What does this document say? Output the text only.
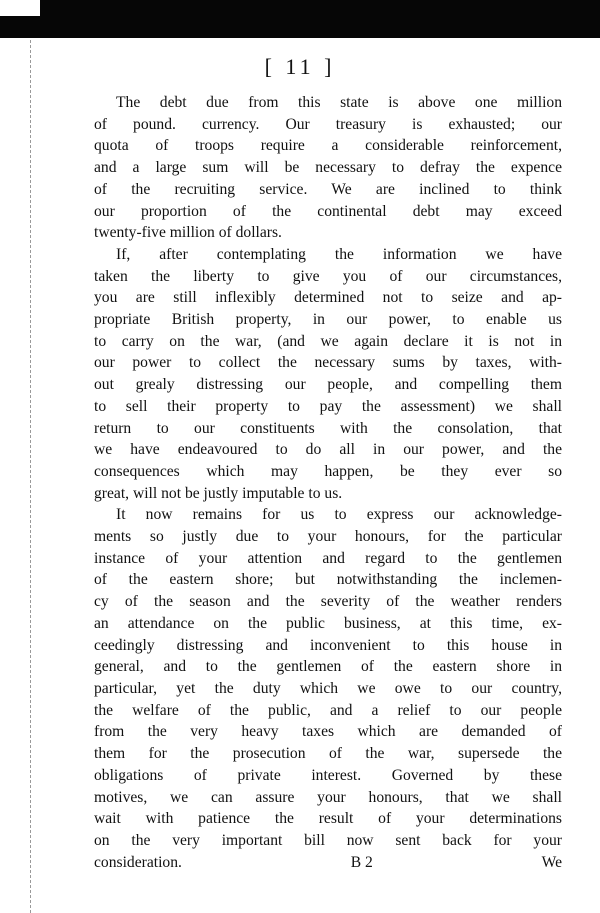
[ 11 ]
The debt due from this state is above one million
of pound. currency. Our treasury is exhausted; our
quota of troops require a considerable reinforcement,
and a large sum will be necessary to defray the expence
of the recruiting service. We are inclined to think
our proportion of the continental debt may exceed
twenty-five million of dollars.
If, after contemplating the information we have
taken the liberty to give you of our circumstances,
you are still inflexibly determined not to seize and ap-
propriate British property, in our power, to enable us
to carry on the war, (and we again declare it is not in
our power to collect the necessary sums by taxes, with-
out grealy distressing our people, and compelling them
to sell their property to pay the assessment) we shall
return to our constituents with the consolation, that
we have endeavoured to do all in our power, and the
consequences which may happen, be they ever so
great, will not be justly imputable to us.
It now remains for us to express our acknowledge-
ments so justly due to your honours, for the particular
instance of your attention and regard to the gentlemen
of the eastern shore; but notwithstanding the inclemen-
cy of the season and the severity of the weather renders
an attendance on the public business, at this time, ex-
ceedingly distressing and inconvenient to this house in
general, and to the gentlemen of the eastern shore in
particular, yet the duty which we owe to our country,
the welfare of the public, and a relief to our people
from the very heavy taxes which are demanded of
them for the prosecution of the war, supersede the
obligations of private interest. Governed by these
motives, we can assure your honours, that we shall
wait with patience the result of your determinations
on the very important bill now sent back for your
consideration.	B 2	We
